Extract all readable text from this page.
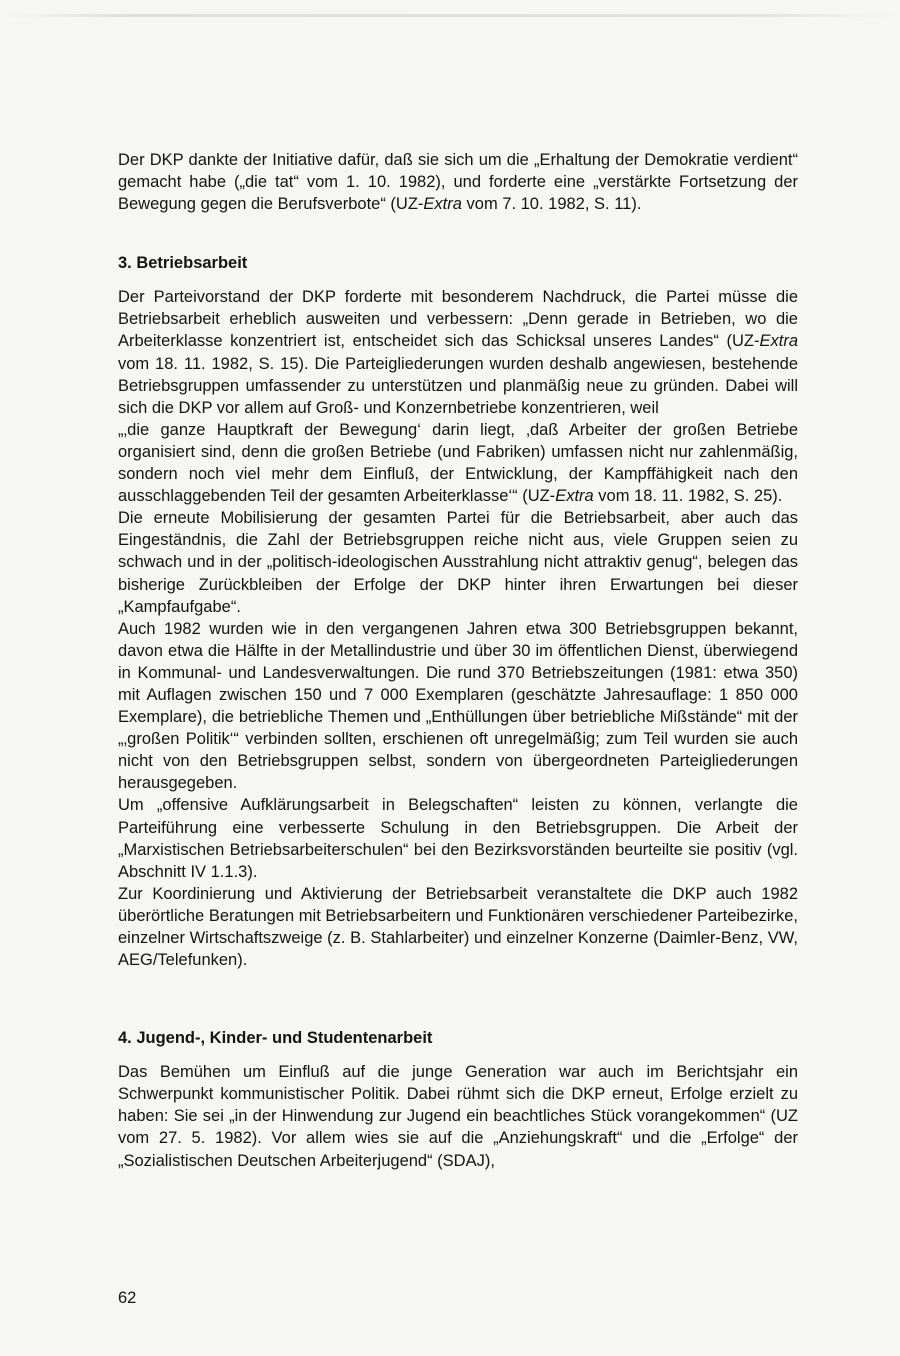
Der DKP dankte der Initiative dafür, daß sie sich um die „Erhaltung der Demokratie verdient“ gemacht habe („die tat“ vom 1. 10. 1982), und forderte eine „verstärkte Fortsetzung der Bewegung gegen die Berufsverbote“ (UZ-Extra vom 7. 10. 1982, S. 11).

3. Betriebsarbeit

Der Parteivorstand der DKP forderte mit besonderem Nachdruck, die Partei müsse die Betriebsarbeit erheblich ausweiten und verbessern: „Denn gerade in Betrieben, wo die Arbeiterklasse konzentriert ist, entscheidet sich das Schicksal unseres Landes“ (UZ-Extra vom 18. 11. 1982, S. 15). Die Parteigliederungen wurden deshalb angewiesen, bestehende Betriebsgruppen umfassender zu unterstützen und planmäßig neue zu gründen. Dabei will sich die DKP vor allem auf Groß- und Konzernbetriebe konzentrieren, weil

„‚die ganze Hauptkraft der Bewegung‘ darin liegt, ‚daß Arbeiter der großen Betriebe organisiert sind, denn die großen Betriebe (und Fabriken) umfassen nicht nur zahlenmäßig, sondern noch viel mehr dem Einfluß, der Entwicklung, der Kampffähigkeit nach den ausschlaggebenden Teil der gesamten Arbeiterklasse‘“ (UZ-Extra vom 18. 11. 1982, S. 25).

Die erneute Mobilisierung der gesamten Partei für die Betriebsarbeit, aber auch das Eingeständnis, die Zahl der Betriebsgruppen reiche nicht aus, viele Gruppen seien zu schwach und in der „politisch-ideologischen Ausstrahlung nicht attraktiv genug“, belegen das bisherige Zurückbleiben der Erfolge der DKP hinter ihren Erwartungen bei dieser „Kampfaufgabe“.

Auch 1982 wurden wie in den vergangenen Jahren etwa 300 Betriebsgruppen bekannt, davon etwa die Hälfte in der Metallindustrie und über 30 im öffentlichen Dienst, überwiegend in Kommunal- und Landesverwaltungen. Die rund 370 Betriebszeitungen (1981: etwa 350) mit Auflagen zwischen 150 und 7 000 Exemplaren (geschätzte Jahresauflage: 1 850 000 Exemplare), die betriebliche Themen und „Enthüllungen über betriebliche Mißstände“ mit der „‚großen Politik‘“ verbinden sollten, erschienen oft unregelmäßig; zum Teil wurden sie auch nicht von den Betriebsgruppen selbst, sondern von übergeordneten Parteigliederungen herausgegeben.

Um „offensive Aufklärungsarbeit in Belegschaften“ leisten zu können, verlangte die Parteiführung eine verbesserte Schulung in den Betriebsgruppen. Die Arbeit der „Marxistischen Betriebsarbeiterschulen“ bei den Bezirksvorständen beurteilte sie positiv (vgl. Abschnitt IV 1.1.3).

Zur Koordinierung und Aktivierung der Betriebsarbeit veranstaltete die DKP auch 1982 überörtliche Beratungen mit Betriebsarbeitern und Funktionären verschiedener Parteibezirke, einzelner Wirtschaftszweige (z. B. Stahlarbeiter) und einzelner Konzerne (Daimler-Benz, VW, AEG/Telefunken).

4. Jugend-, Kinder- und Studentenarbeit

Das Bemühen um Einfluß auf die junge Generation war auch im Berichtsjahr ein Schwerpunkt kommunistischer Politik. Dabei rühmt sich die DKP erneut, Erfolge erzielt zu haben: Sie sei „in der Hinwendung zur Jugend ein beachtliches Stück vorangekommen“ (UZ vom 27. 5. 1982). Vor allem wies sie auf die „Anziehungskraft“ und die „Erfolge“ der „Sozialistischen Deutschen Arbeiterjugend“ (SDAJ),

62
